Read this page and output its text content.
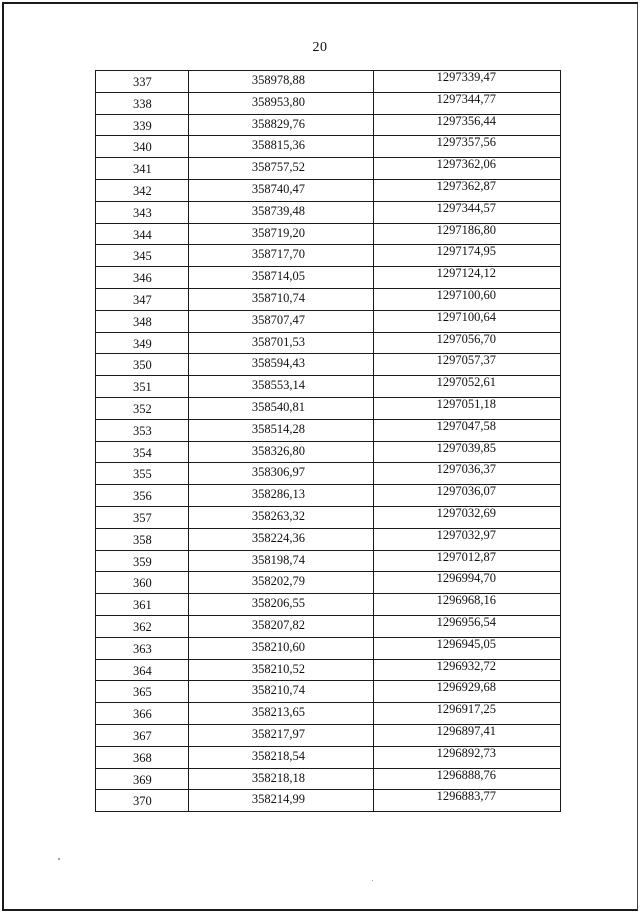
20
337	358978,88	1297339,47
338	358953,80	1297344,77
339	358829,76	1297356,44
340	358815,36	1297357,56
341	358757,52	1297362,06
342	358740,47	1297362,87
343	358739,48	1297344,57
344	358719,20	1297186,80
345	358717,70	1297174,95
346	358714,05	1297124,12
347	358710,74	1297100,60
348	358707,47	1297100,64
349	358701,53	1297056,70
350	358594,43	1297057,37
351	358553,14	1297052,61
352	358540,81	1297051,18
353	358514,28	1297047,58
354	358326,80	1297039,85
355	358306,97	1297036,37
356	358286,13	1297036,07
357	358263,32	1297032,69
358	358224,36	1297032,97
359	358198,74	1297012,87
360	358202,79	1296994,70
361	358206,55	1296968,16
362	358207,82	1296956,54
363	358210,60	1296945,05
364	358210,52	1296932,72
365	358210,74	1296929,68
366	358213,65	1296917,25
367	358217,97	1296897,41
368	358218,54	1296892,73
369	358218,18	1296888,76
370	358214,99	1296883,77
